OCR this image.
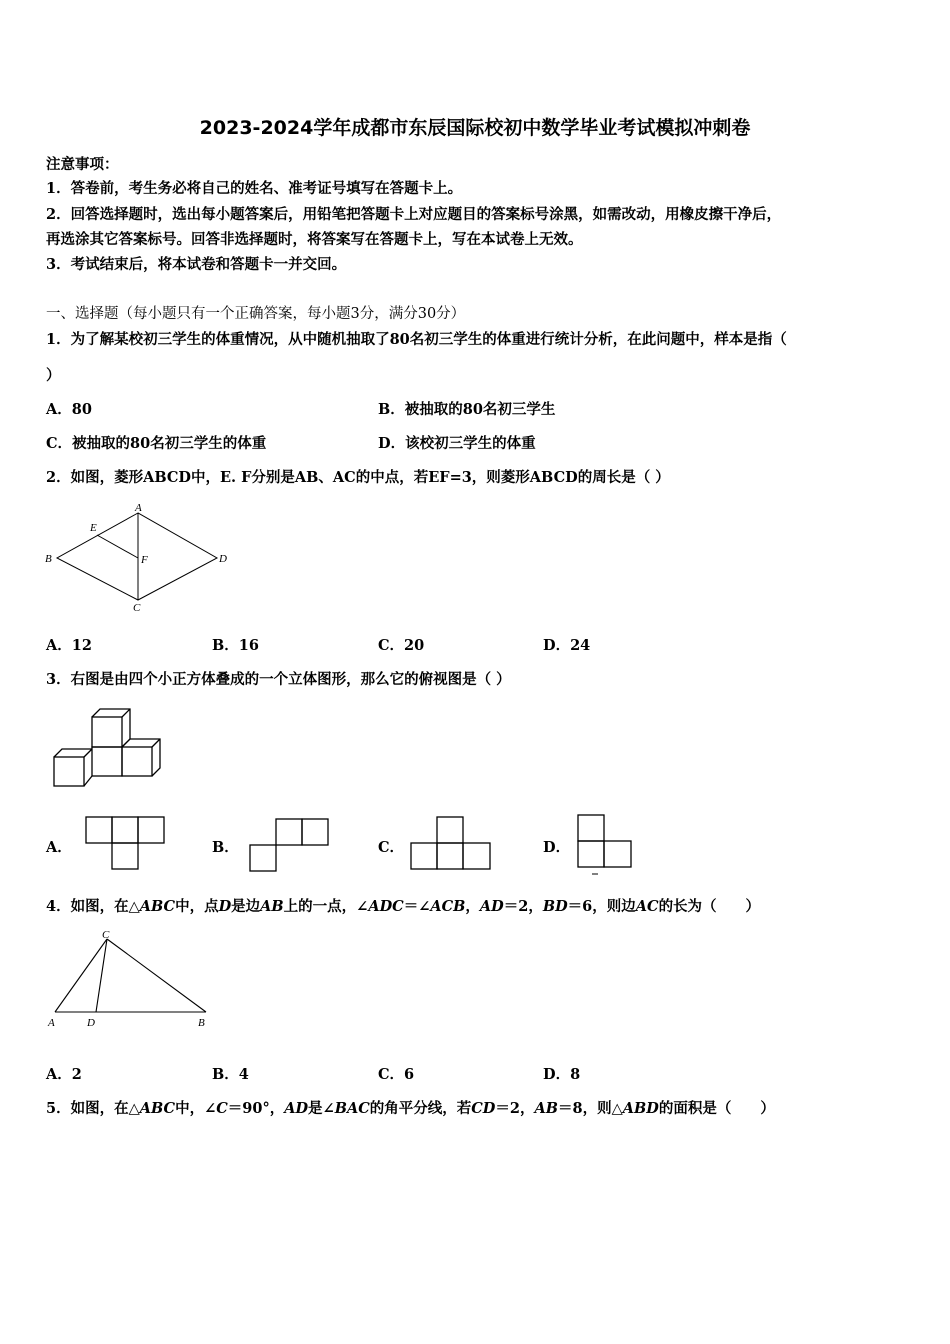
2023-2024学年成都市东辰国际校初中数学毕业考试模拟冲刺卷
注意事项：
1．答卷前，考生务必将自己的姓名、准考证号填写在答题卡上。
2．回答选择题时，选出每小题答案后，用铅笔把答题卡上对应题目的答案标号涂黑，如需改动，用橡皮擦干净后，
再选涂其它答案标号。回答非选择题时，将答案写在答题卡上，写在本试卷上无效。
3．考试结束后，将本试卷和答题卡一并交回。
一、选择题（每小题只有一个正确答案，每小题3分，满分30分）
1．为了解某校初三学生的体重情况，从中随机抽取了80名初三学生的体重进行统计分析，在此问题中，样本是指（
）
A．80	B．被抽取的80名初三学生
C．被抽取的80名初三学生的体重	D．该校初三学生的体重
2．如图，菱形ABCD中，E. F分别是AB、AC的中点，若EF=3，则菱形ABCD的周长是（ ）
A
B
C
D
E
F
A．12	B．16	C．20	D．24
3．右图是由四个小正方体叠成的一个立体图形，那么它的俯视图是（ ）
A．	B．	C．	D．
4．如图，在△ABC中，点D是边AB上的一点，∠ADC＝∠ACB，AD＝2，BD＝6，则边AC的长为（　　）
C
A	D	B
A．2	B．4	C．6	D．8
5．如图，在△ABC中，∠C＝90°，AD是∠BAC的角平分线，若CD＝2，AB＝8，则△ABD的面积是（　　）
